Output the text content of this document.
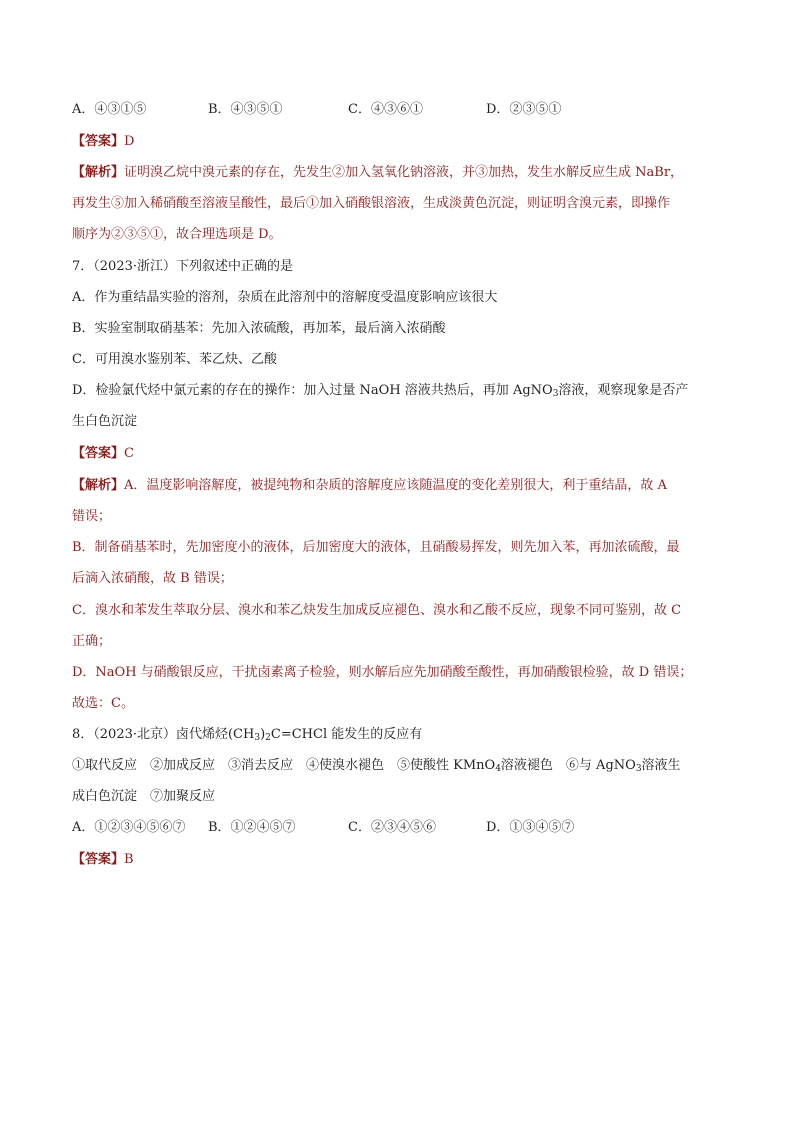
A．④③①⑤	B．④③⑤①	C．④③⑥①	D．②③⑤①
【答案】D
【解析】证明溴乙烷中溴元素的存在，先发生②加入氢氧化钠溶液，并③加热，发生水解反应生成 NaBr，
再发生⑤加入稀硝酸至溶液呈酸性，最后①加入硝酸银溶液，生成淡黄色沉淀，则证明含溴元素，即操作
顺序为②③⑤①，故合理选项是 D。
7．（2023·浙江）下列叙述中正确的是
A．作为重结晶实验的溶剂，杂质在此溶剂中的溶解度受温度影响应该很大
B．实验室制取硝基苯：先加入浓硫酸，再加苯，最后滴入浓硝酸
C．可用溴水鉴别苯、苯乙炔、乙酸
D．检验氯代烃中氯元素的存在的操作：加入过量 NaOH 溶液共热后，再加 AgNO$_3$溶液，观察现象是否产
生白色沉淀
【答案】C
【解析】A．温度影响溶解度，被提纯物和杂质的溶解度应该随温度的变化差别很大，利于重结晶，故 A
错误；
B．制备硝基苯时，先加密度小的液体，后加密度大的液体，且硝酸易挥发，则先加入苯，再加浓硫酸，最
后滴入浓硝酸，故 B 错误；
C．溴水和苯发生萃取分层、溴水和苯乙炔发生加成反应褪色、溴水和乙酸不反应，现象不同可鉴别，故 C
正确；
D．NaOH 与硝酸银反应，干扰卤素离子检验，则水解后应先加硝酸至酸性，再加硝酸银检验，故 D 错误；
故选：C。
8．（2023·北京）卤代烯烃$(CH_3)_2C=CHCl$ 能发生的反应有
①取代反应　②加成反应　③消去反应　④使溴水褪色　⑤使酸性 KMnO$_4$溶液褪色　⑥与 AgNO$_3$溶液生
成白色沉淀　⑦加聚反应
A．①②③④⑤⑥⑦ B．①②④⑤⑦	C．②③④⑤⑥	D．①③④⑤⑦
【答案】B
